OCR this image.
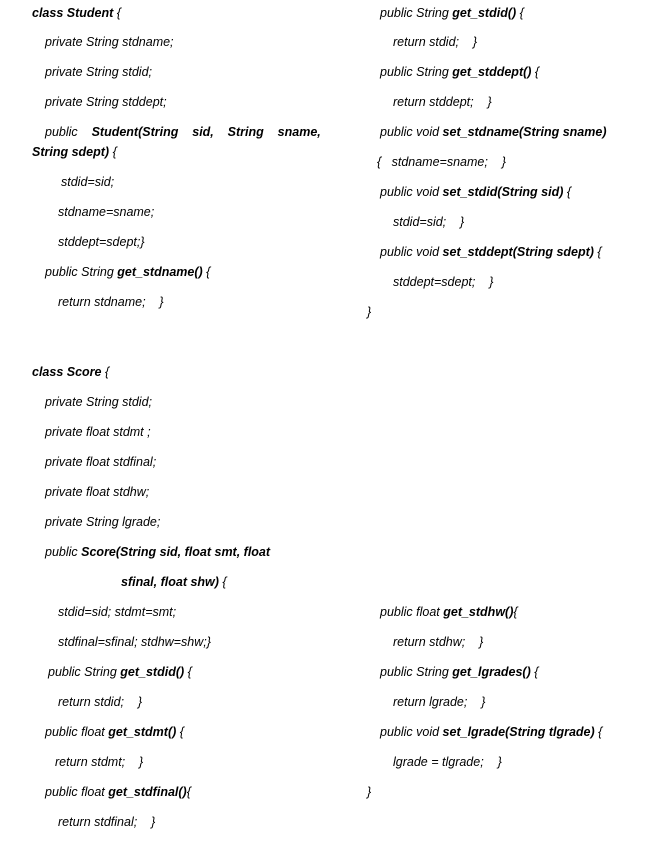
class Student {
private String stdname;
private String stdid;
private String stddept;
public    Student(String    sid,    String    sname,
String sdept) {
stdid=sid;
stdname=sname;
stddept=sdept;}
public String get_stdname() {
return stdname;    }
public String get_stdid() {
return stdid;    }
public String get_stddept() {
return stddept;    }
public void set_stdname(String sname)
{   stdname=sname;    }
public void set_stdid(String sid) {
stdid=sid;    }
public void set_stddept(String sdept) {
stddept=sdept;    }
}
class Score {
private String stdid;
private float stdmt ;
private float stdfinal;
private float stdhw;
private String lgrade;
public Score(String sid, float smt, float
sfinal, float shw) {
stdid=sid; stdmt=smt;
stdfinal=sfinal; stdhw=shw;}
public String get_stdid() {
return stdid;    }
public float get_stdmt() {
return stdmt;    }
public float get_stdfinal(){
return stdfinal;    }
public float get_stdhw(){
return stdhw;    }
public String get_lgrades() {
return lgrade;    }
public void set_lgrade(String tlgrade) {
lgrade = tlgrade;    }
}
